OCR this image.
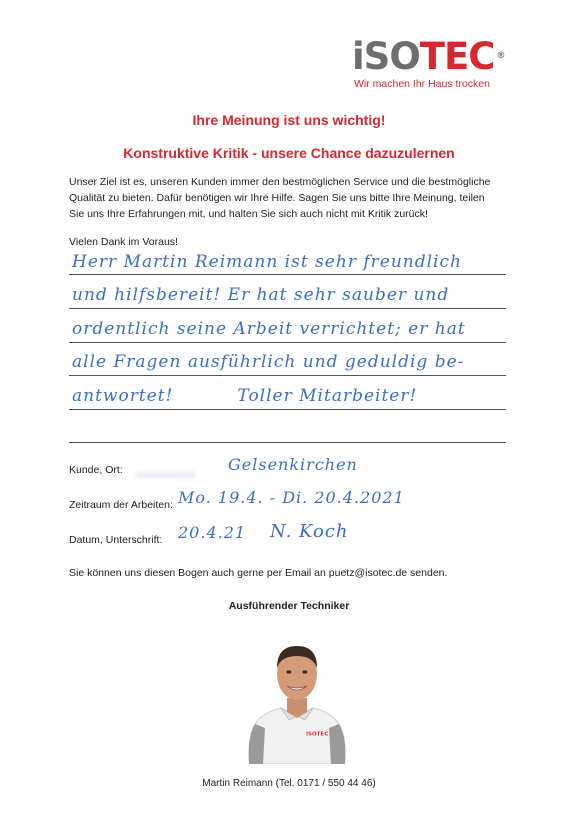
iSOTEC ®
Wir machen Ihr Haus trocken
Ihre Meinung ist uns wichtig!
Konstruktive Kritik - unsere Chance dazuzulernen
Unser Ziel ist es, unseren Kunden immer den bestmöglichen Service und die bestmögliche
Qualität zu bieten. Dafür benötigen wir Ihre Hilfe. Sagen Sie uns bitte Ihre Meinung, teilen
Sie uns Ihre Erfahrungen mit, und halten Sie sich auch nicht mit Kritik zurück!
Vielen Dank im Voraus!
Herr Martin Reimann ist sehr freundlich
und hilfsbereit! Er hat sehr sauber und
ordentlich seine Arbeit verrichtet; er hat
alle Fragen ausführlich und geduldig be-
antwortet!          Toller Mitarbeiter!
Kunde, Ort:	Gelsenkirchen
Zeitraum der Arbeiten: Mo. 19.4. - Di. 20.4.2021
Datum, Unterschrift: 20.4.21 N. Koch
Sie können uns diesen Bogen auch gerne per Email an puetz@isotec.de senden.
Ausführender Techniker
ISOTEC
Martin Reimann (Tel. 0171 / 550 44 46)
